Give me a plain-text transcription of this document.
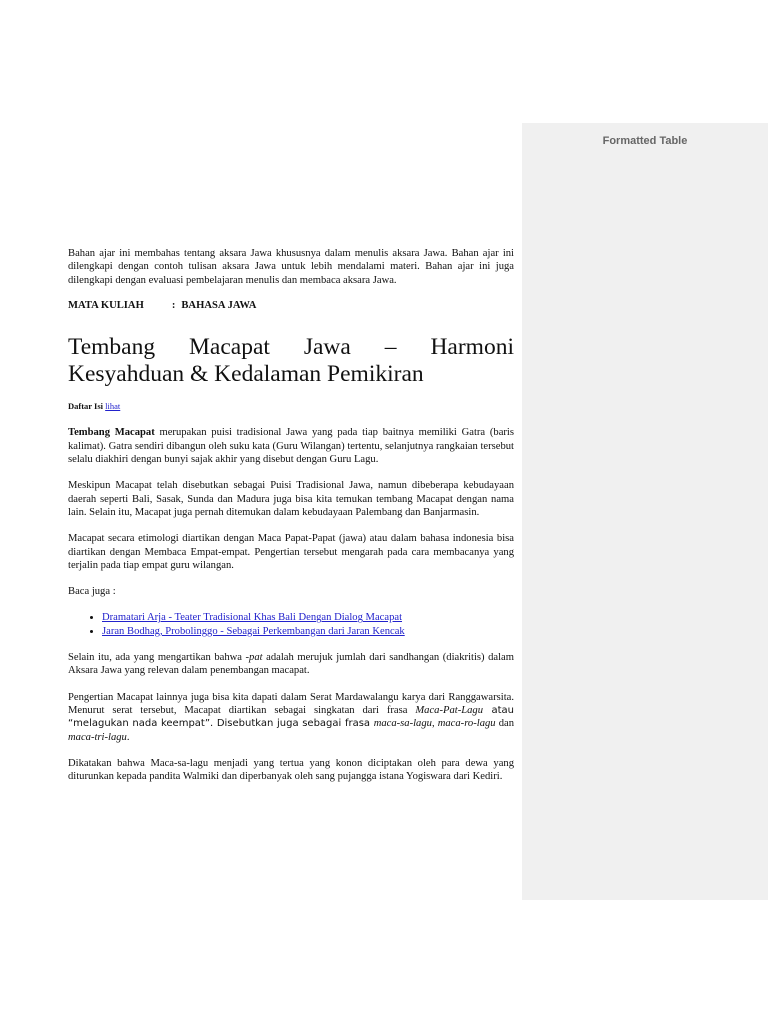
Formatted Table

Bahan ajar ini membahas tentang aksara Jawa khususnya dalam menulis aksara Jawa. Bahan ajar ini dilengkapi dengan contoh tulisan aksara Jawa untuk lebih mendalami materi. Bahan ajar ini juga dilengkapi dengan evaluasi pembelajaran menulis dan membaca aksara Jawa.

MATA KULIAH	: BAHASA JAWA
Tembang Macapat Jawa – Harmoni
Kesyahduan & Kedalaman Pemikiran
Daftar Isi lihat

Tembang Macapat merupakan puisi tradisional Jawa yang pada tiap baitnya memiliki Gatra (baris kalimat). Gatra sendiri dibangun oleh suku kata (Guru Wilangan) tertentu, selanjutnya rangkaian tersebut selalu diakhiri dengan bunyi sajak akhir yang disebut dengan Guru Lagu.

Meskipun Macapat telah disebutkan sebagai Puisi Tradisional Jawa, namun dibeberapa kebudayaan daerah seperti Bali, Sasak, Sunda dan Madura juga bisa kita temukan tembang Macapat dengan nama lain. Selain itu, Macapat juga pernah ditemukan dalam kebudayaan Palembang dan Banjarmasin.

Macapat secara etimologi diartikan dengan Maca Papat-Papat (jawa) atau dalam bahasa indonesia bisa diartikan dengan Membaca Empat-empat. Pengertian tersebut mengarah pada cara membacanya yang terjalin pada tiap empat guru wilangan.

Baca juga :

• Dramatari Arja - Teater Tradisional Khas Bali Dengan Dialog Macapat
• Jaran Bodhag, Probolinggo - Sebagai Perkembangan dari Jaran Kencak

Selain itu, ada yang mengartikan bahwa -pat adalah merujuk jumlah dari sandhangan (diakritis) dalam Aksara Jawa yang relevan dalam penembangan macapat.

Pengertian Macapat lainnya juga bisa kita dapati dalam Serat Mardawalangu karya dari Ranggawarsita. Menurut serat tersebut, Macapat diartikan sebagai singkatan dari frasa Maca-Pat-Lagu atau “melagukan nada keempat”. Disebutkan juga sebagai frasa maca-sa-lagu, maca-ro-lagu dan maca-tri-lagu.

Dikatakan bahwa Maca-sa-lagu menjadi yang tertua yang konon diciptakan oleh para dewa yang diturunkan kepada pandita Walmiki dan diperbanyak oleh sang pujangga istana Yogiswara dari Kediri.
